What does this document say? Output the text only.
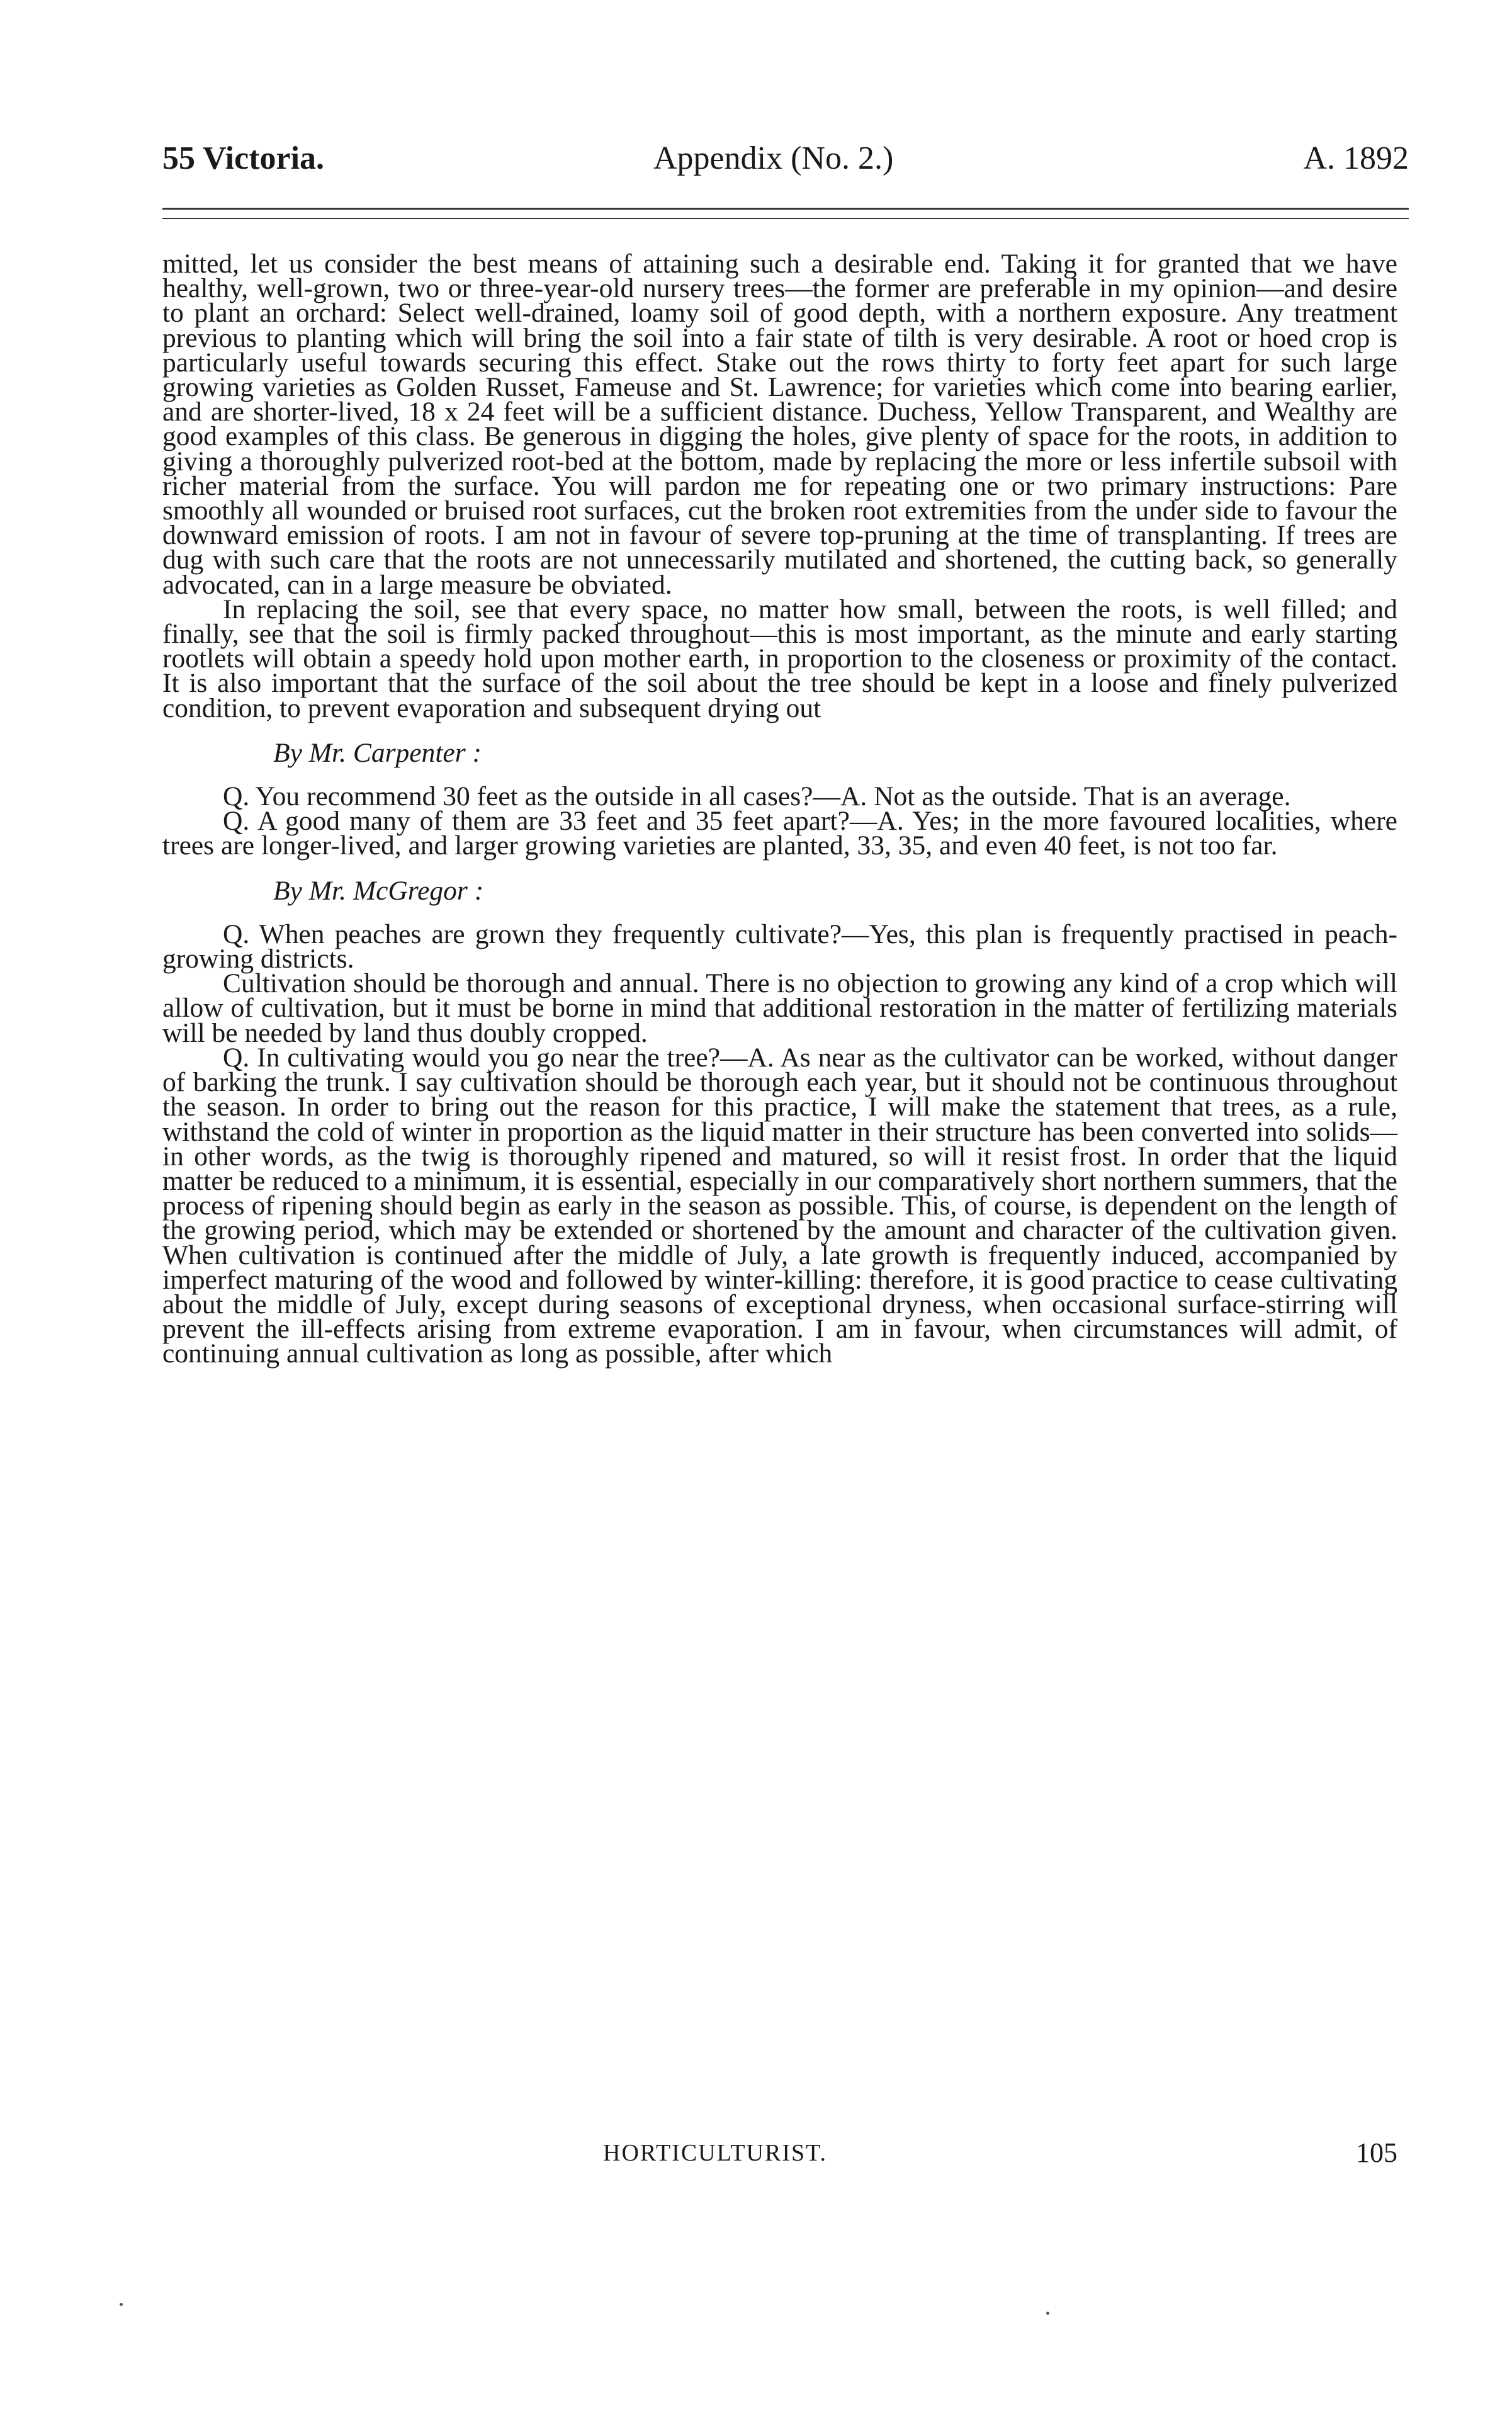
55 Victoria.	Appendix (No. 2.)	A. 1892

mitted, let us consider the best means of attaining such a desirable end. Taking it for granted that we have healthy, well-grown, two or three-year-old nursery trees—the former are preferable in my opinion—and desire to plant an orchard: Select well-drained, loamy soil of good depth, with a northern exposure. Any treatment previous to planting which will bring the soil into a fair state of tilth is very desirable. A root or hoed crop is particularly useful towards securing this effect. Stake out the rows thirty to forty feet apart for such large growing varieties as Golden Russet, Fameuse and St. Lawrence; for varieties which come into bearing earlier, and are shorter-lived, 18 x 24 feet will be a sufficient distance. Duchess, Yellow Transparent, and Wealthy are good examples of this class. Be generous in digging the holes, give plenty of space for the roots, in addition to giving a thoroughly pulverized root-bed at the bottom, made by replacing the more or less infertile subsoil with richer material from the surface. You will pardon me for repeating one or two primary instructions: Pare smoothly all wounded or bruised root surfaces, cut the broken root extremities from the under side to favour the downward emission of roots. I am not in favour of severe top-pruning at the time of transplanting. If trees are dug with such care that the roots are not unnecessarily mutilated and shortened, the cutting back, so generally advocated, can in a large measure be obviated.

In replacing the soil, see that every space, no matter how small, between the roots, is well filled; and finally, see that the soil is firmly packed throughout—this is most important, as the minute and early starting rootlets will obtain a speedy hold upon mother earth, in proportion to the closeness or proximity of the contact. It is also important that the surface of the soil about the tree should be kept in a loose and finely pulverized condition, to prevent evaporation and subsequent drying out

By Mr. Carpenter :

Q. You recommend 30 feet as the outside in all cases?—A. Not as the outside. That is an average.

Q. A good many of them are 33 feet and 35 feet apart?—A. Yes; in the more favoured localities, where trees are longer-lived, and larger growing varieties are planted, 33, 35, and even 40 feet, is not too far.

By Mr. McGregor :

Q. When peaches are grown they frequently cultivate?—Yes, this plan is frequently practised in peach-growing districts.

Cultivation should be thorough and annual. There is no objection to growing any kind of a crop which will allow of cultivation, but it must be borne in mind that additional restoration in the matter of fertilizing materials will be needed by land thus doubly cropped.

Q. In cultivating would you go near the tree?—A. As near as the cultivator can be worked, without danger of barking the trunk. I say cultivation should be thorough each year, but it should not be continuous throughout the season. In order to bring out the reason for this practice, I will make the statement that trees, as a rule, withstand the cold of winter in proportion as the liquid matter in their structure has been converted into solids—in other words, as the twig is thoroughly ripened and matured, so will it resist frost. In order that the liquid matter be reduced to a minimum, it is essential, especially in our comparatively short northern summers, that the process of ripening should begin as early in the season as possible. This, of course, is dependent on the length of the growing period, which may be extended or shortened by the amount and character of the cultivation given. When cultivation is continued after the middle of July, a late growth is frequently induced, accompanied by imperfect maturing of the wood and followed by winter-killing: therefore, it is good practice to cease cultivating about the middle of July, except during seasons of exceptional dryness, when occasional surface-stirring will prevent the ill-effects arising from extreme evaporation. I am in favour, when circumstances will admit, of continuing annual cultivation as long as possible, after which

HORTICULTURIST.	105
